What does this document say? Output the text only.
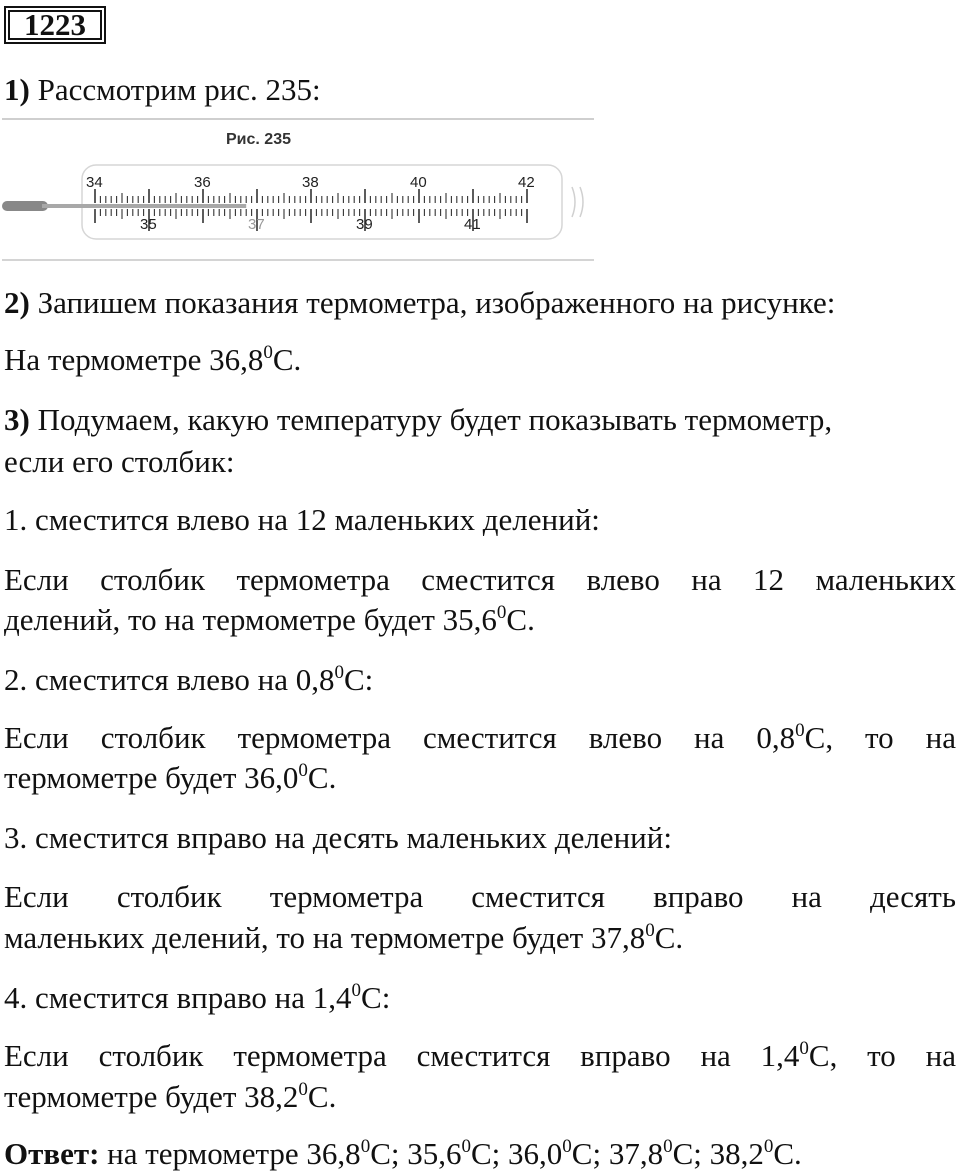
1223
1) Рассмотрим рис. 235:
Рис. 235
34	36	38	40	42
35	37	39	41
2) Запишем показания термометра, изображенного на рисунке:
На термометре 36,8$^0$С.
3) Подумаем, какую температуру будет показывать термометр,
если его столбик:
1. сместится влево на 12 маленьких делений:
Если столбик термометра сместится влево на 12 маленьких
делений, то на термометре будет 35,6$^0$С.
2. сместится влево на $0,8^0С$:
Если столбик термометра сместится влево на $0,8^0С$, то на
термометре будет 36,0$^0$С.
3. сместится вправо на десять маленьких делений:
Если столбик термометра сместится вправо на десять
маленьких делений, то на термометре будет 37,8$^0$С.
4. сместится вправо на $1,4^0С$:
Если столбик термометра сместится вправо на $1,4^0С$, то на
термометре будет 38,2$^0$С.
Ответ: на термометре 36,8$^0$С; 35,6$^0$С; 36,0$^0$С; 37,8$^0$С; 38,2$^0$С.
